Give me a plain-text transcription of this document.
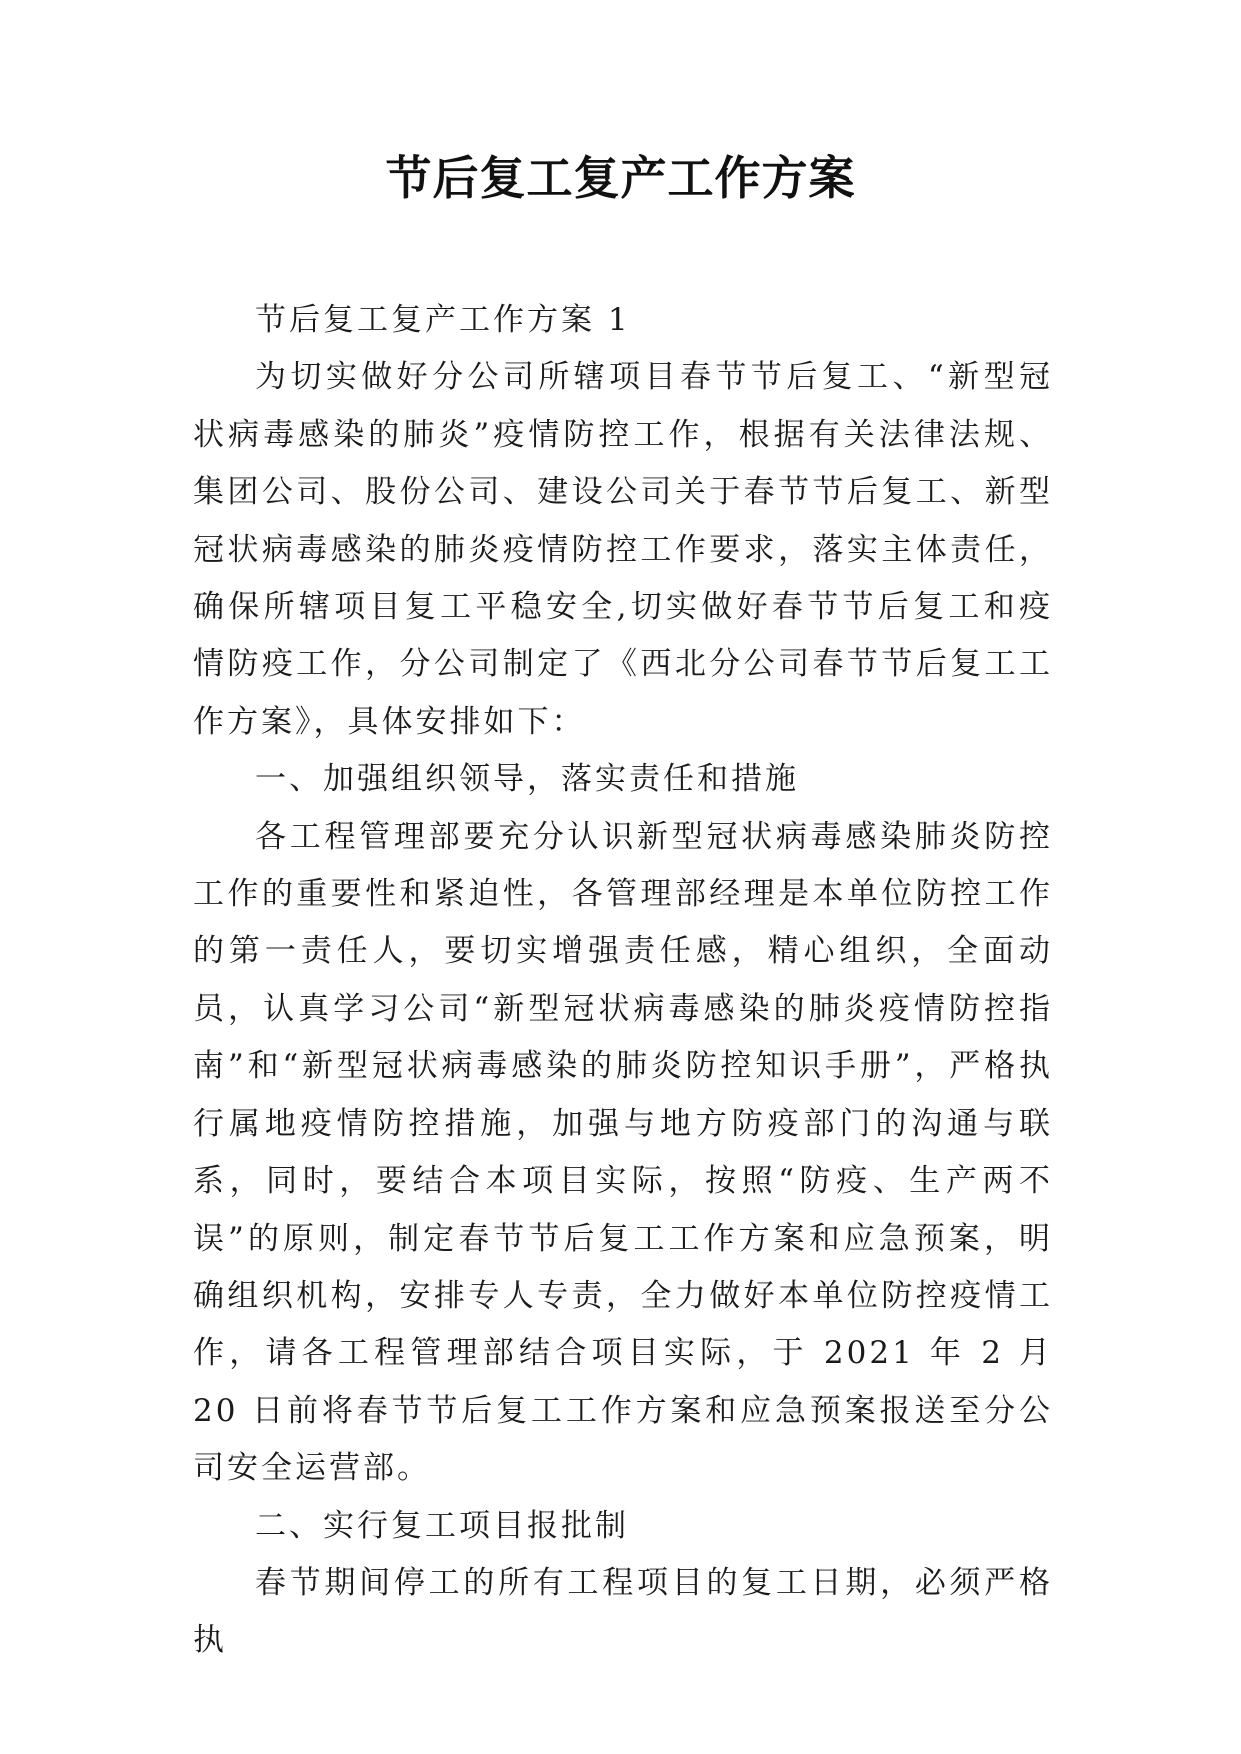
节后复工复产工作方案

节后复工复产工作方案 1

为切实做好分公司所辖项目春节节后复工、“新型冠状病毒感染的肺炎”疫情防控工作，根据有关法律法规、集团公司、股份公司、建设公司关于春节节后复工、新型冠状病毒感染的肺炎疫情防控工作要求，落实主体责任，确保所辖项目复工平稳安全,切实做好春节节后复工和疫情防疫工作，分公司制定了《西北分公司春节节后复工工作方案》，具体安排如下：

一、加强组织领导，落实责任和措施

各工程管理部要充分认识新型冠状病毒感染肺炎防控工作的重要性和紧迫性，各管理部经理是本单位防控工作的第一责任人，要切实增强责任感，精心组织，全面动员，认真学习公司“新型冠状病毒感染的肺炎疫情防控指南”和“新型冠状病毒感染的肺炎防控知识手册”，严格执行属地疫情防控措施，加强与地方防疫部门的沟通与联系，同时，要结合本项目实际，按照“防疫、生产两不误”的原则，制定春节节后复工工作方案和应急预案，明确组织机构，安排专人专责，全力做好本单位防控疫情工作，请各工程管理部结合项目实际，于 2021 年 2 月 20 日前将春节节后复工工作方案和应急预案报送至分公司安全运营部。

二、实行复工项目报批制

春节期间停工的所有工程项目的复工日期，必须严格执
